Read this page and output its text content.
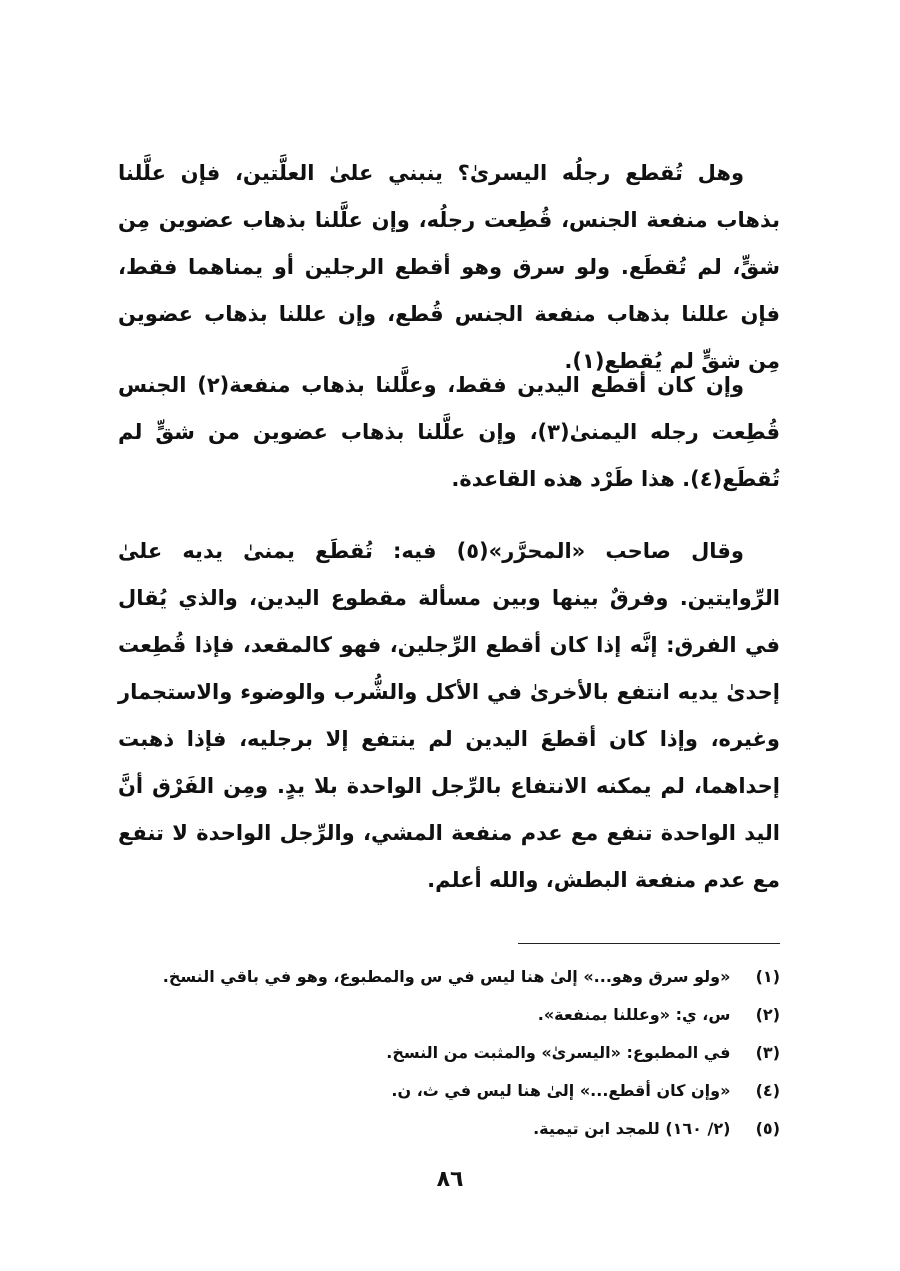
وهل تُقطع رجلُه اليسرىٰ؟ ينبني علىٰ العلَّتين، فإن علَّلنا بذهاب منفعة الجنس، قُطِعت رجلُه، وإن علَّلنا بذهاب عضوين مِن شقٍّ، لم تُقطَع. ولو سرق وهو أقطع الرجلين أو يمناهما فقط، فإن عللنا بذهاب منفعة الجنس قُطع، وإن عللنا بذهاب عضوين مِن شقٍّ لم يُقطع(١).

وإن كان أقطع اليدين فقط، وعلَّلنا بذهاب منفعة(٢) الجنس قُطِعت رجله اليمنىٰ(٣)، وإن علَّلنا بذهاب عضوين من شقٍّ لم تُقطَع(٤). هذا طَرْد هذه القاعدة.

وقال صاحب «المحرَّر»(٥) فيه: تُقطَع يمنىٰ يديه علىٰ الرِّوايتين. وفرقٌ بينها وبين مسألة مقطوع اليدين، والذي يُقال في الفرق: إنَّه إذا كان أقطع الرِّجلين، فهو كالمقعد، فإذا قُطِعت إحدىٰ يديه انتفع بالأخرىٰ في الأكل والشُّرب والوضوء والاستجمار وغيره، وإذا كان أقطعَ اليدين لم ينتفع إلا برجليه، فإذا ذهبت إحداهما، لم يمكنه الانتفاع بالرِّجل الواحدة بلا يدٍ. ومِن الفَرْق أنَّ اليد الواحدة تنفع مع عدم منفعة المشي، والرِّجل الواحدة لا تنفع مع عدم منفعة البطش، والله أعلم.

(١) «ولو سرق وهو...» إلىٰ هنا ليس في س والمطبوع، وهو في باقي النسخ.
(٢) س، ي: «وعللنا بمنفعة».
(٣) في المطبوع: «اليسرىٰ» والمثبت من النسخ.
(٤) «وإن كان أقطع...» إلىٰ هنا ليس في ث، ن.
(٥) (٢/ ١٦٠) للمجد ابن تيمية.
٨٦
